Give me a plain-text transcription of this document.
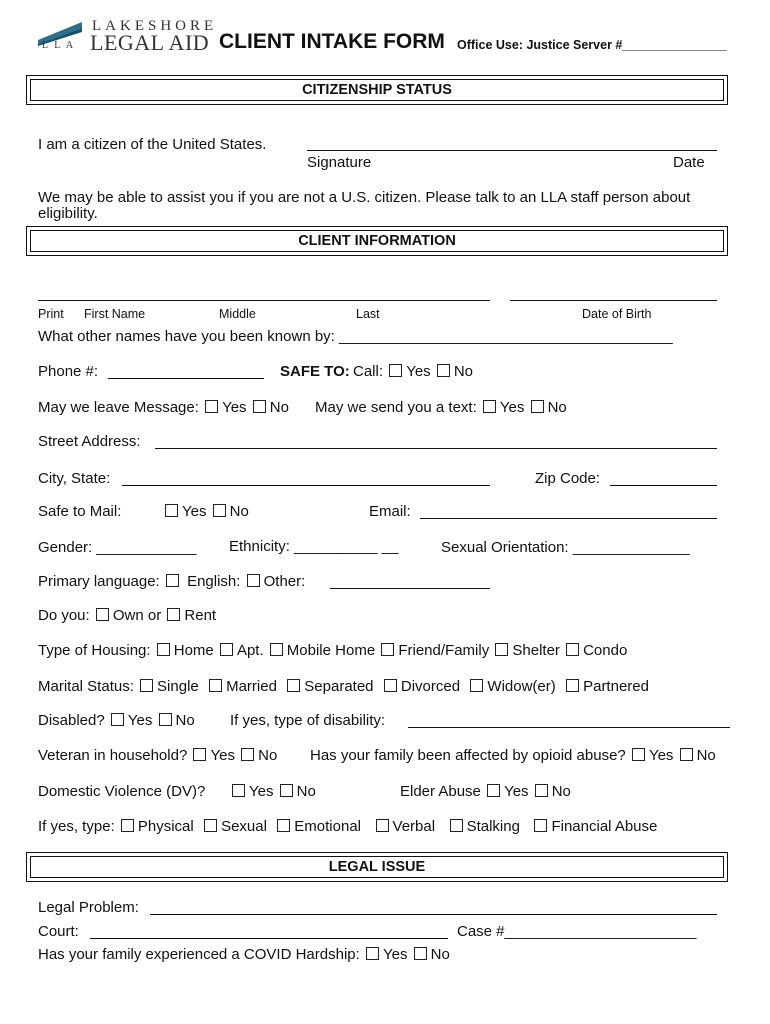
L L A
LAKESHORE
LEGAL AID CLIENT INTAKE FORM Office Use: Justice Server #_______________
CITIZENSHIP STATUS
I am a citizen of the United States.
Signature	Date
We may be able to assist you if you are not a U.S. citizen. Please talk to an LLA staff person about
eligibility.
CLIENT INFORMATION
Print First Name	Middle	Last	Date of Birth
What other names have you been known by: ________________________________________
Phone #:	SAFE TO: Call: Yes No
May we leave Message: Yes No May we send you a text: Yes No
Street Address:
City, State:	Zip Code:
Safe to Mail:	Yes No	Email:
Gender: ____________ Ethnicity: __________ __	Sexual Orientation: ______________
Primary language: English: Other:
Do you: Own or Rent
Type of Housing: Home Apt. Mobile Home Friend/Family Shelter Condo
Marital Status: Single Married Separated Divorced Widow(er) Partnered
Disabled? Yes No If yes, type of disability:
Veteran in household? Yes No Has your family been affected by opioid abuse? Yes No
Domestic Violence (DV)?	Yes No	Elder Abuse Yes No
If yes, type: Physical Sexual Emotional Verbal Stalking Financial Abuse
LEGAL ISSUE
Legal Problem:
Court:	Case #_______________________
Has your family experienced a COVID Hardship: Yes No
